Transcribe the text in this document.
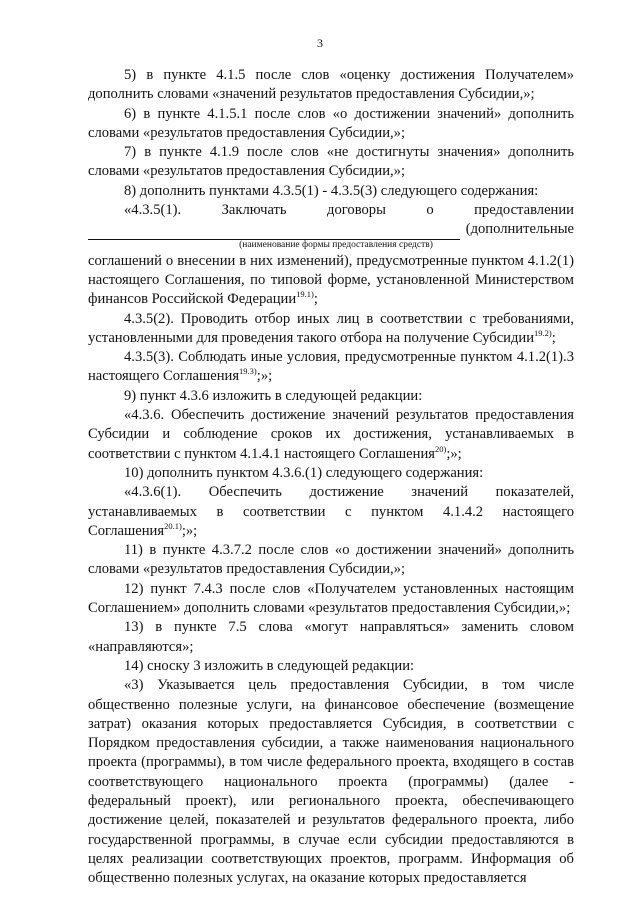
3

5) в пункте 4.1.5 после слов «оценку достижения Получателем» дополнить словами «значений результатов предоставления Субсидии,»;

6) в пункте 4.1.5.1 после слов «о достижении значений» дополнить словами «результатов предоставления Субсидии,»;

7) в пункте 4.1.9 после слов «не достигнуты значения» дополнить словами «результатов предоставления Субсидии,»;

8) дополнить пунктами 4.3.5(1) - 4.3.5(3) следующего содержания:

«4.3.5(1).	Заключать	договоры	о	предоставлении
(дополнительные

(наименование формы предоставления средств)

соглашений о внесении в них изменений), предусмотренные пунктом 4.1.2(1) настоящего Соглашения, по типовой форме, установленной Министерством финансов Российской Федерации$^{19.1)}$;

4.3.5(2). Проводить отбор иных лиц в соответствии с требованиями, установленными для проведения такого отбора на получение Субсидии$^{19.2)}$;

4.3.5(3). Соблюдать иные условия, предусмотренные пунктом 4.1.2(1).3 настоящего Соглашения$^{19.3)}$;»;

9) пункт 4.3.6 изложить в следующей редакции:

«4.3.6. Обеспечить достижение значений результатов предоставления Субсидии и соблюдение сроков их достижения, устанавливаемых в соответствии с пунктом 4.1.4.1 настоящего Соглашения$^{20)}$;»;

10) дополнить пунктом 4.3.6.(1) следующего содержания:

«4.3.6(1). Обеспечить достижение значений показателей, устанавливаемых в соответствии с пунктом 4.1.4.2 настоящего Соглашения$^{20.1)}$;»;

11) в пункте 4.3.7.2 после слов «о достижении значений» дополнить словами «результатов предоставления Субсидии,»;

12) пункт 7.4.3 после слов «Получателем установленных настоящим Соглашением» дополнить словами «результатов предоставления Субсидии,»;

13) в пункте 7.5 слова «могут направляться» заменить словом «направляются»;

14) сноску 3 изложить в следующей редакции:

«3) Указывается цель предоставления Субсидии, в том числе общественно полезные услуги, на финансовое обеспечение (возмещение затрат) оказания которых предоставляется Субсидия, в соответствии с Порядком предоставления субсидии, а также наименования национального проекта (программы), в том числе федерального проекта, входящего в состав соответствующего национального проекта (программы) (далее - федеральный проект), или регионального проекта, обеспечивающего достижение целей, показателей и результатов федерального проекта, либо государственной программы, в случае если субсидии предоставляются в целях реализации соответствующих проектов, программ. Информация об общественно полезных услугах, на оказание которых предоставляется
